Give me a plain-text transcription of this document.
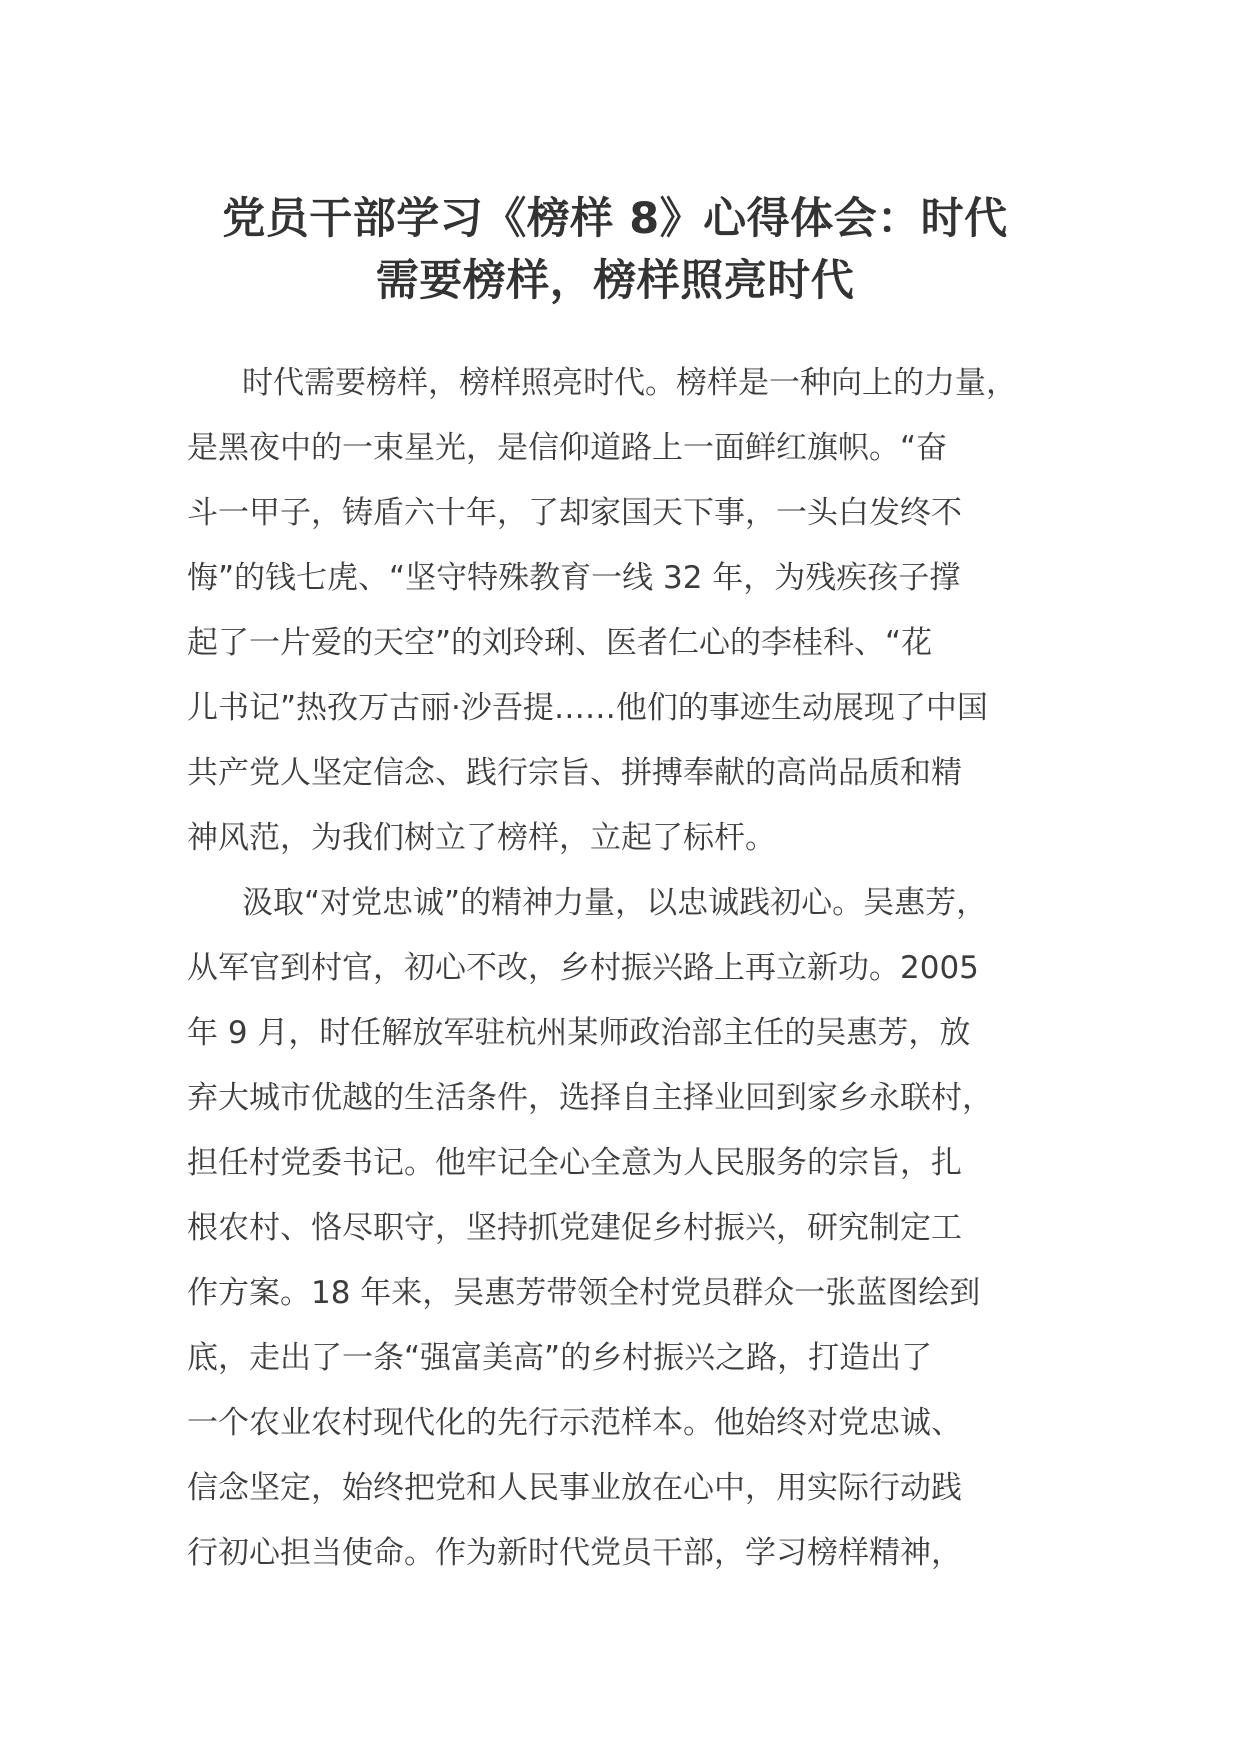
党员干部学习《榜样 8》心得体会：时代
需要榜样，榜样照亮时代
时代需要榜样，榜样照亮时代。榜样是一种向上的力量，
是黑夜中的一束星光，是信仰道路上一面鲜红旗帜。“奋
斗一甲子，铸盾六十年，了却家国天下事，一头白发终不
悔”的钱七虎、“坚守特殊教育一线 32 年，为残疾孩子撑
起了一片爱的天空”的刘玲琍、医者仁心的李桂科、“花
儿书记”热孜万古丽·沙吾提……他们的事迹生动展现了中国
共产党人坚定信念、践行宗旨、拼搏奉献的高尚品质和精
神风范，为我们树立了榜样，立起了标杆。
汲取“对党忠诚”的精神力量，以忠诚践初心。吴惠芳，
从军官到村官，初心不改，乡村振兴路上再立新功。2005
年 9 月，时任解放军驻杭州某师政治部主任的吴惠芳，放
弃大城市优越的生活条件，选择自主择业回到家乡永联村，
担任村党委书记。他牢记全心全意为人民服务的宗旨，扎
根农村、恪尽职守，坚持抓党建促乡村振兴，研究制定工
作方案。18 年来，吴惠芳带领全村党员群众一张蓝图绘到
底，走出了一条“强富美高”的乡村振兴之路，打造出了
一个农业农村现代化的先行示范样本。他始终对党忠诚、
信念坚定，始终把党和人民事业放在心中，用实际行动践
行初心担当使命。作为新时代党员干部，学习榜样精神，
